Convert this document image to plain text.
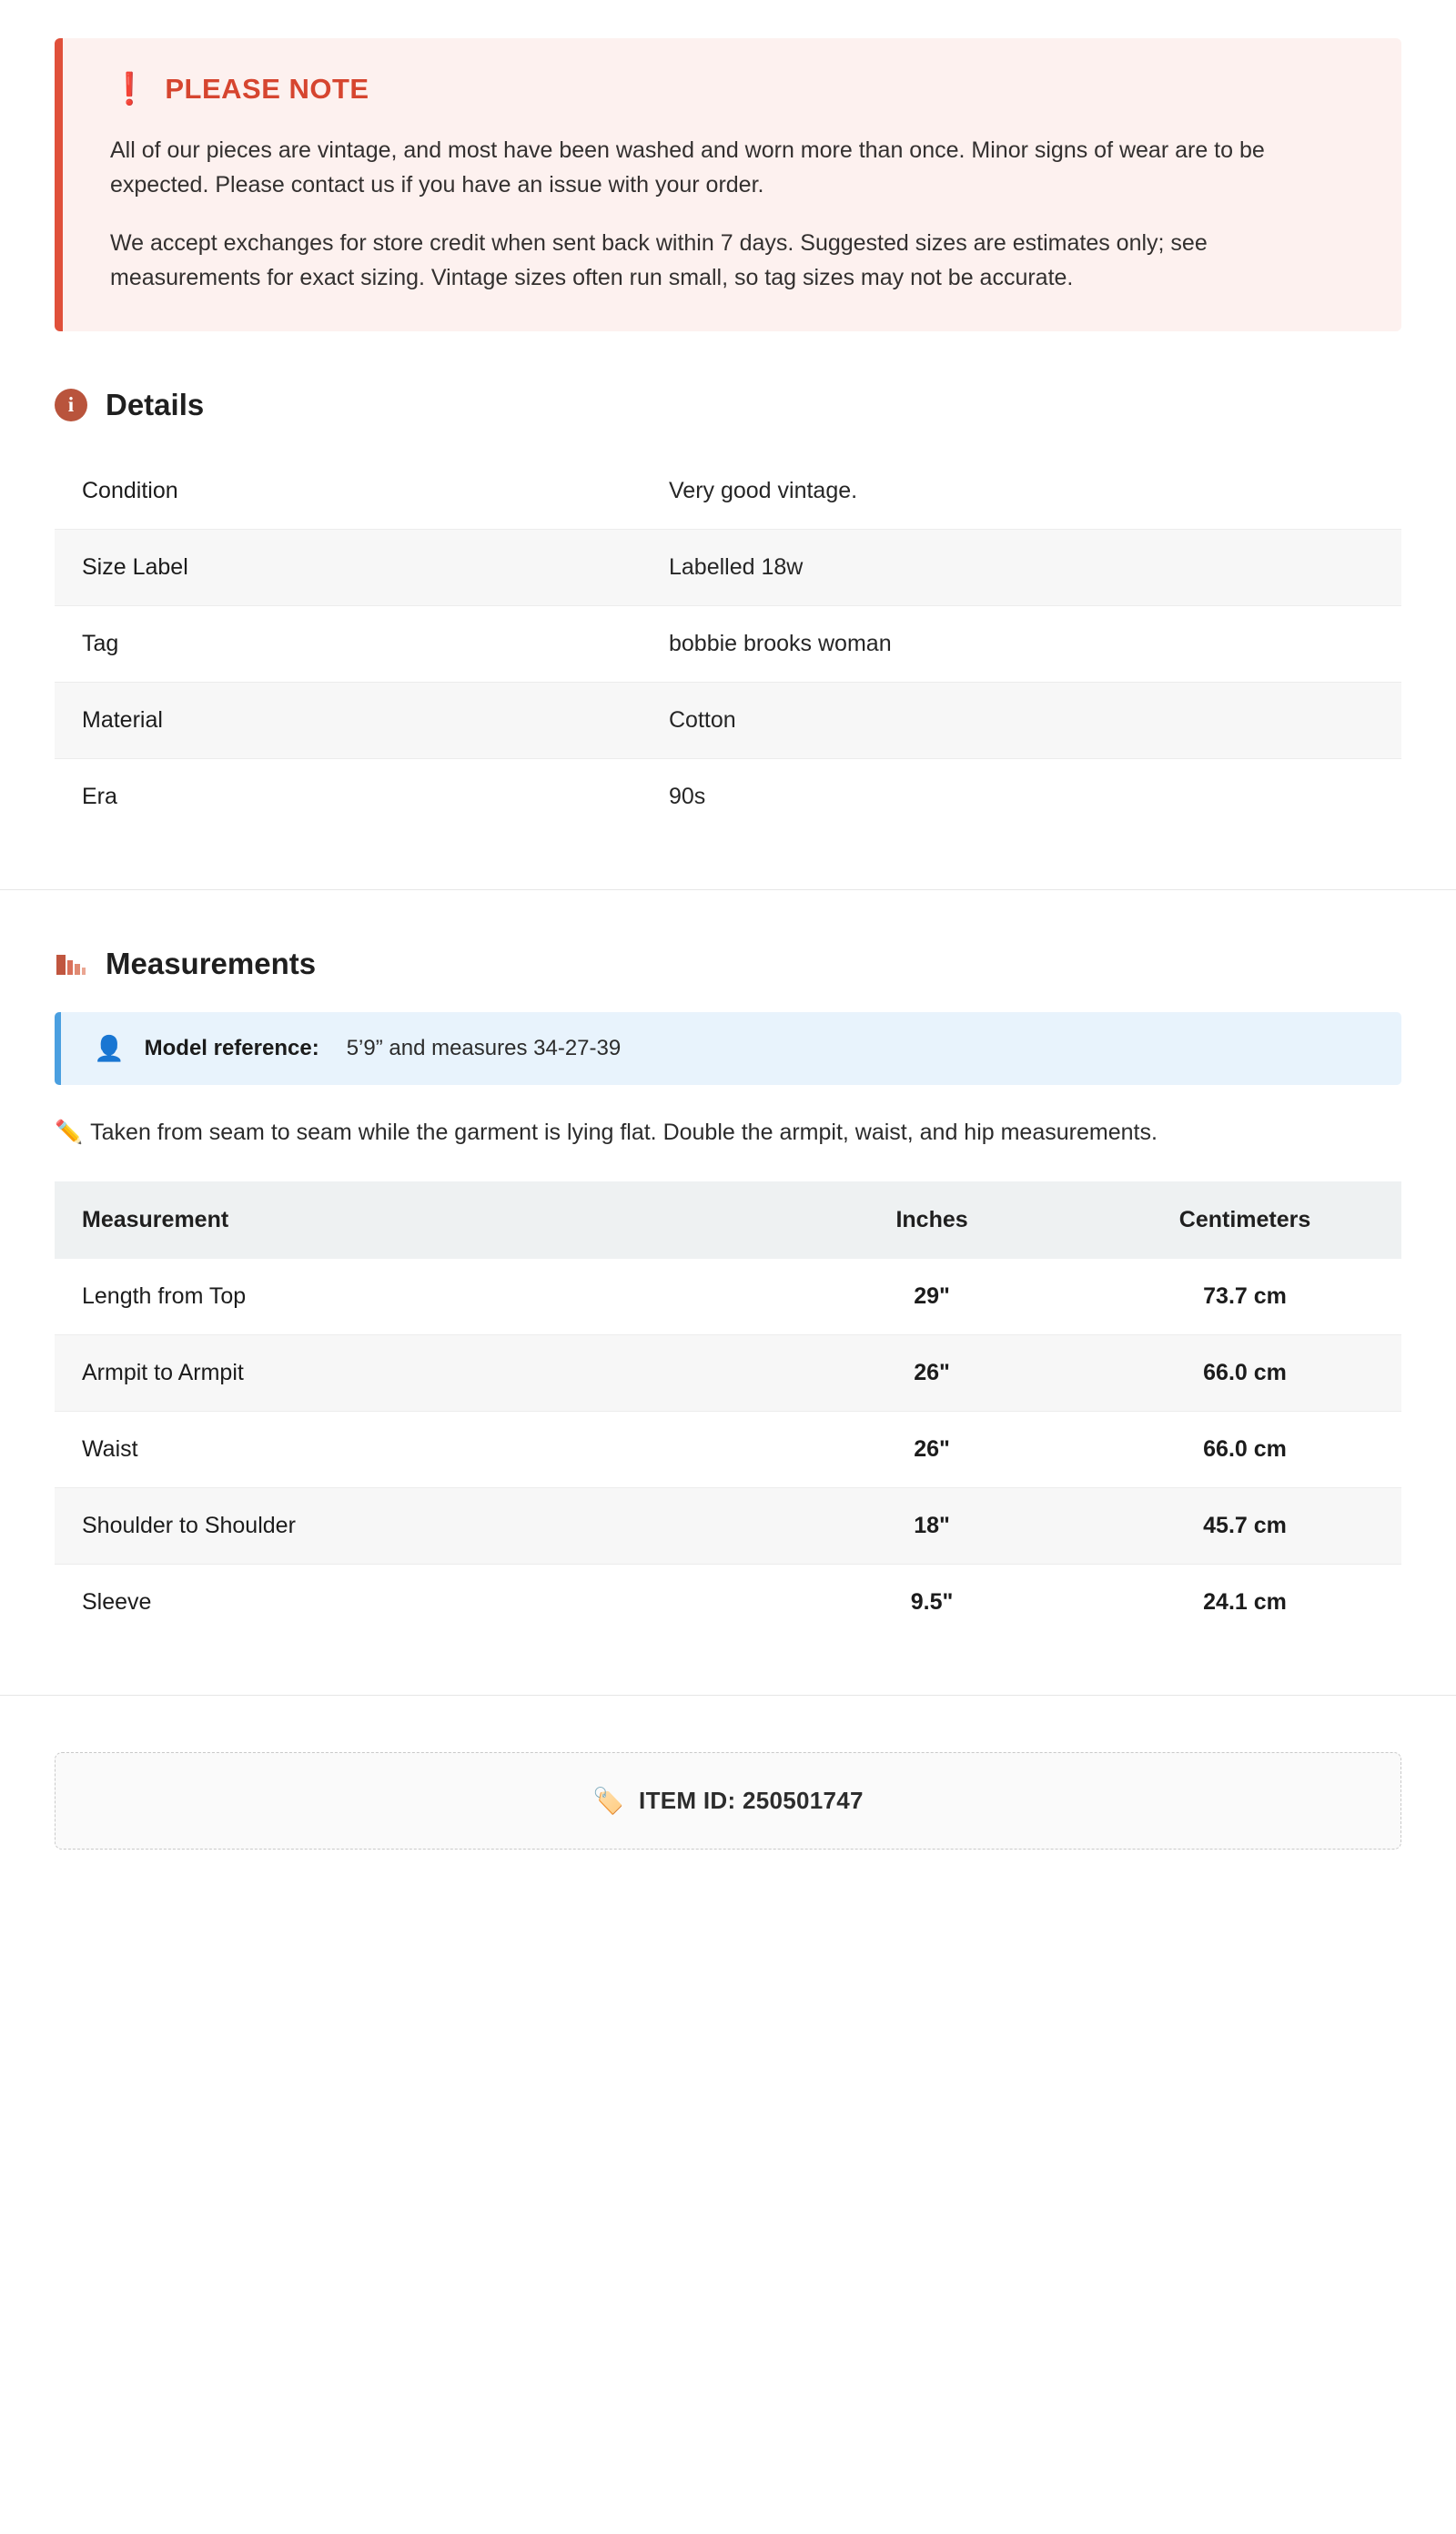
❗ PLEASE NOTE

All of our pieces are vintage, and most have been washed and worn more than once. Minor signs of wear are to be expected. Please contact us if you have an issue with your order.

We accept exchanges for store credit when sent back within 7 days. Suggested sizes are estimates only; see measurements for exact sizing. Vintage sizes often run small, so tag sizes may not be accurate.

i	Details
Condition	Very good vintage.
Size Label	Labelled 18w
Tag	bobbie brooks woman
Material	Cotton
Era	90s
Measurements
👤 Model reference: 5’9” and measures 34-27-39

✏️ Taken from seam to seam while the garment is lying flat. Double the armpit, waist, and hip measurements.

Measurement	Inches	Centimeters
Length from Top	29"	73.7 cm
Armpit to Armpit	26"	66.0 cm
Waist	26"	66.0 cm
Shoulder to Shoulder	18"	45.7 cm
Sleeve	9.5"	24.1 cm
🏷️ ITEM ID: 250501747
